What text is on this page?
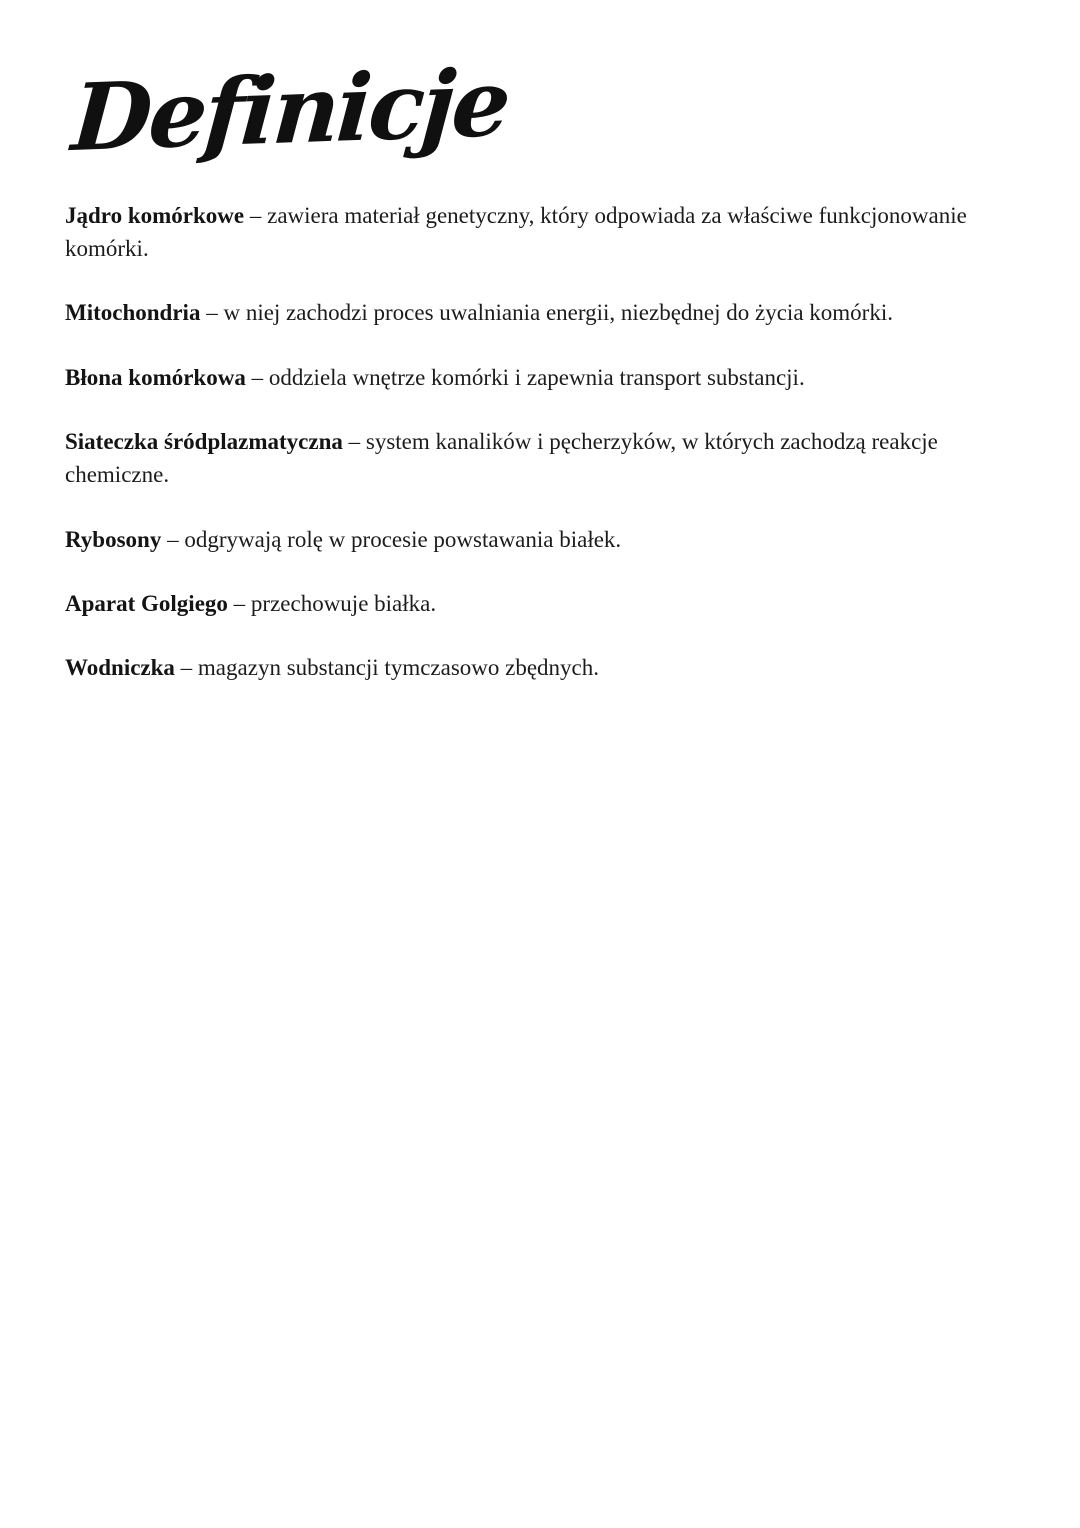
Definicje

Jądro komórkowe – zawiera materiał genetyczny, który odpowiada za właściwe funkcjonowanie komórki.

Mitochondria – w niej zachodzi proces uwalniania energii, niezbędnej do życia komórki.

Błona komórkowa – oddziela wnętrze komórki i zapewnia transport substancji.

Siateczka śródplazmatyczna – system kanalików i pęcherzyków, w których zachodzą reakcje chemiczne.

Rybosony – odgrywają rolę w procesie powstawania białek.

Aparat Golgiego – przechowuje białka.

Wodniczka – magazyn substancji tymczasowo zbędnych.
